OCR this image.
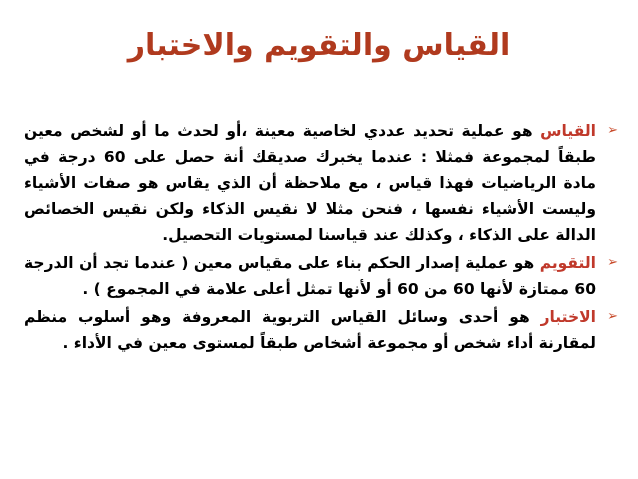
القياس والتقويم والاختبار
➢
القياس هو عملية تحديد عددي لخاصية معينة ،أو لحدث ما أو لشخص معين طبقاً لمجموعة فمثلا : عندما يخبرك صديقك أنة حصل على 60 درجة في مادة الرياضيات فهذا قياس ، مع ملاحظة أن الذي يقاس هو صفات الأشياء وليست الأشياء نفسها ، فنحن مثلا لا نقيس الذكاء ولكن نقيس الخصائص الدالة على الذكاء ، وكذلك عند قياسنا لمستويات التحصيل.
➢
التقويم هو عملية إصدار الحكم بناء على مقياس معين ( عندما تجد أن الدرجة 60 ممتازة لأنها 60 من 60 أو لأنها تمثل أعلى علامة في المجموع ) .
➢
الاختبار هو أحدى وسائل القياس التربوية المعروفة وهو أسلوب منظم لمقارنة أداء شخص أو مجموعة أشخاص طبقاً لمستوى معين في الأداء .
